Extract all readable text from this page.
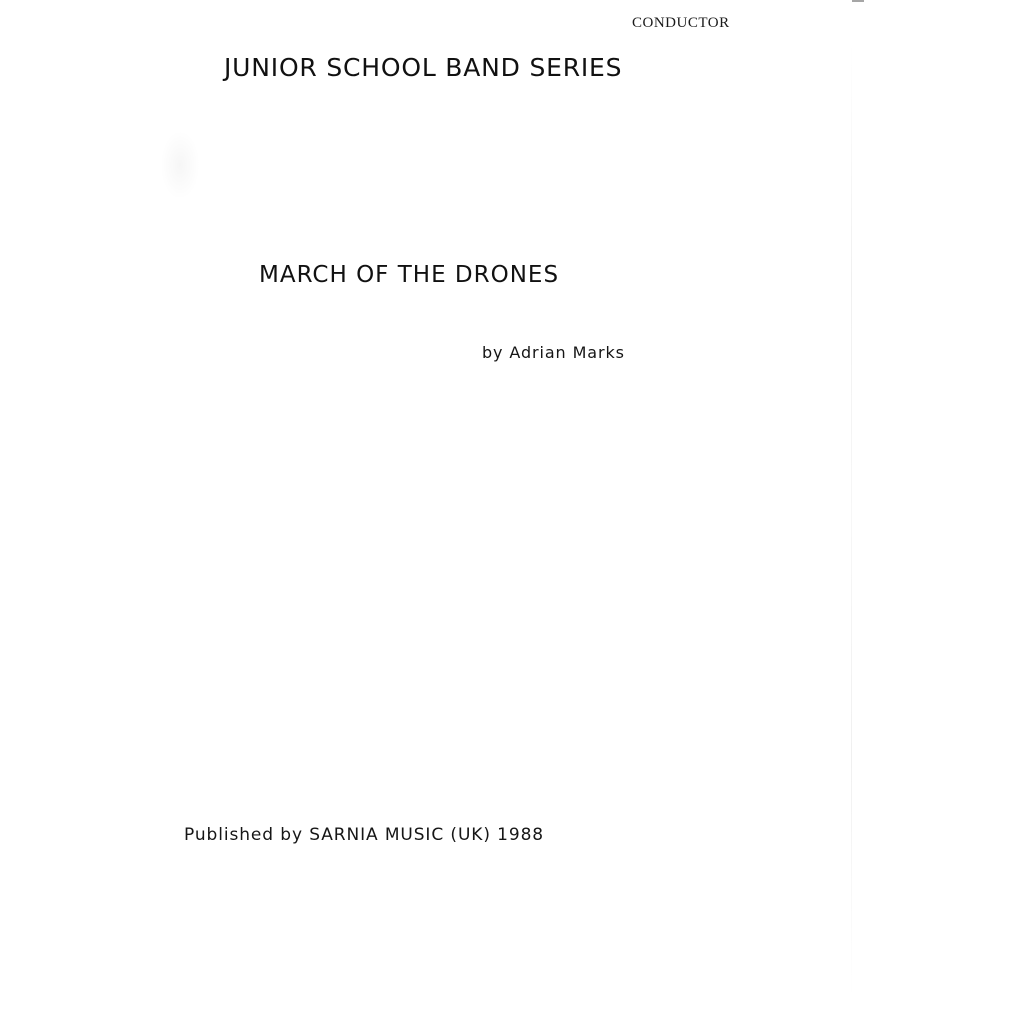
CONDUCTOR
JUNIOR SCHOOL BAND SERIES
MARCH OF THE DRONES
by Adrian Marks
Published by SARNIA MUSIC (UK) 1988
